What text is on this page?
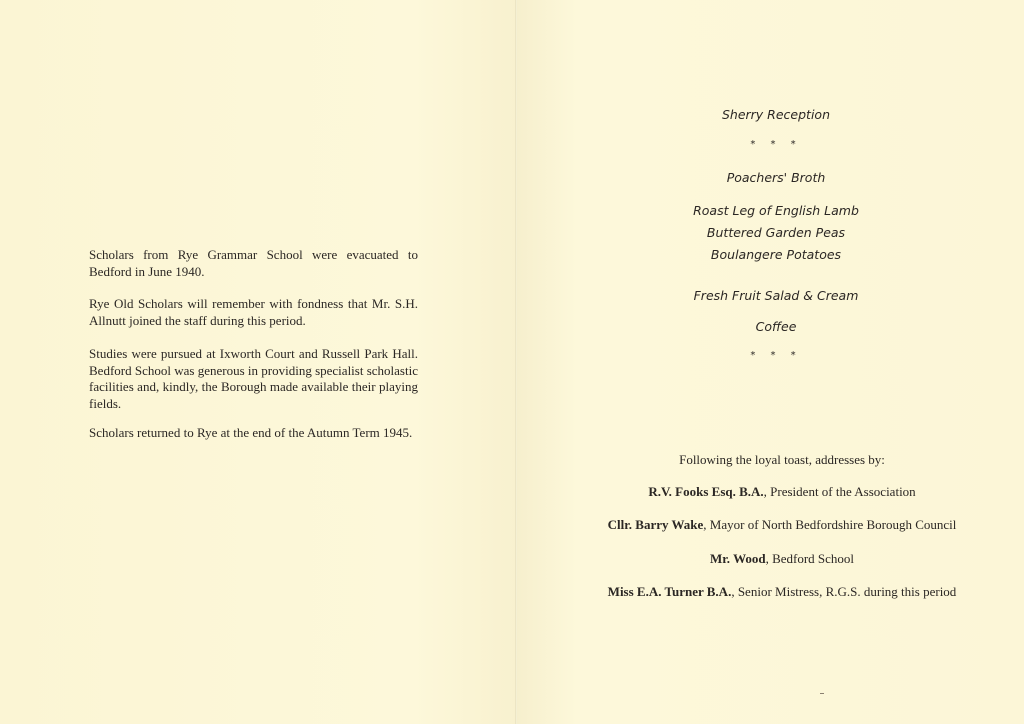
Scholars from Rye Grammar School were evacuated to Bedford in June 1940.

Rye Old Scholars will remember with fondness that Mr. S.H. Allnutt joined the staff during this period.

Studies were pursued at Ixworth Court and Russell Park Hall. Bedford School was generous in providing specialist scholastic facilities and, kindly, the Borough made available their playing fields.

Scholars returned to Rye at the end of the Autumn Term 1945.

Sherry Reception
* * *
Poachers' Broth
Roast Leg of English Lamb
Buttered Garden Peas
Boulangere Potatoes
Fresh Fruit Salad & Cream
Coffee
* * *
Following the loyal toast, addresses by:
R.V. Fooks Esq. B.A., President of the Association
Cllr. Barry Wake, Mayor of North Bedfordshire Borough Council
Mr. Wood, Bedford School
Miss E.A. Turner B.A., Senior Mistress, R.G.S. during this period
